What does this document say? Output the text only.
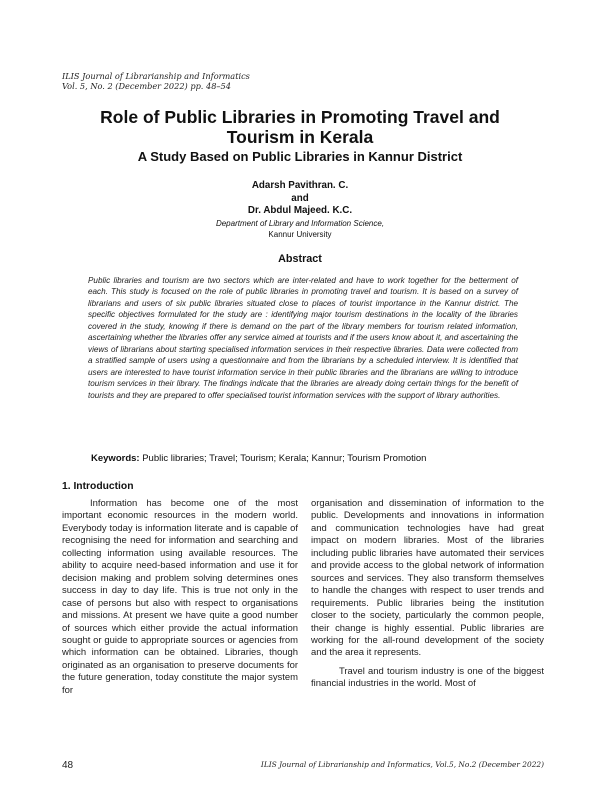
ILIS Journal of Librarianship and Informatics
Vol. 5, No. 2 (December 2022) pp. 48–54
Role of Public Libraries in Promoting Travel and
Tourism in Kerala
A Study Based on Public Libraries in Kannur District
Adarsh Pavithran. C.
and
Dr. Abdul Majeed. K.C.
Department of Library and Information Science,
Kannur University
Abstract
Public libraries and tourism are two sectors which are inter-related and have to work together for the betterment of each. This study is focused on the role of public libraries in promoting travel and tourism. It is based on a survey of librarians and users of six public libraries situated close to places of tourist importance in the Kannur district. The specific objectives formulated for the study are : identifying major tourism destinations in the locality of the libraries covered in the study, knowing if there is demand on the part of the library members for tourism related information, ascertaining whether the libraries offer any service aimed at tourists and if the users know about it, and ascertaining the views of librarians about starting specialised information services in their respective libraries. Data were collected from a stratified sample of users using a questionnaire and from the librarians by a scheduled interview. It is identified that users are interested to have tourist information service in their public libraries and the librarians are willing to introduce tourism services in their library. The findings indicate that the libraries are already doing certain things for the benefit of tourists and they are prepared to offer specialised tourist information services with the support of library authorities.
Keywords: Public libraries; Travel; Tourism; Kerala; Kannur; Tourism Promotion
1. Introduction

Information has become one of the most important economic resources in the modern world. Everybody today is information literate and is capable of recognising the need for information and searching and collecting information using available resources. The ability to acquire need-based information and use it for decision making and problem solving determines ones success in day to day life. This is true not only in the case of persons but also with respect to organisations and missions. At present we have quite a good number of sources which either provide the actual information sought or guide to appropriate sources or agencies from which information can be obtained. Libraries, though originated as an organisation to preserve documents for the future generation, today constitute the major system for

organisation and dissemination of information to the public. Developments and innovations in information and communication technologies have had great impact on modern libraries. Most of the libraries including public libraries have automated their services and provide access to the global network of information sources and services. They also transform themselves to handle the changes with respect to user trends and requirements. Public libraries being the institution closer to the society, particularly the common people, their change is highly essential. Public libraries are working for the all-round development of the society and the area it represents.

Travel and tourism industry is one of the biggest financial industries in the world. Most of

48	ILIS Journal of Librarianship and Informatics, Vol.5, No.2 (December 2022)
